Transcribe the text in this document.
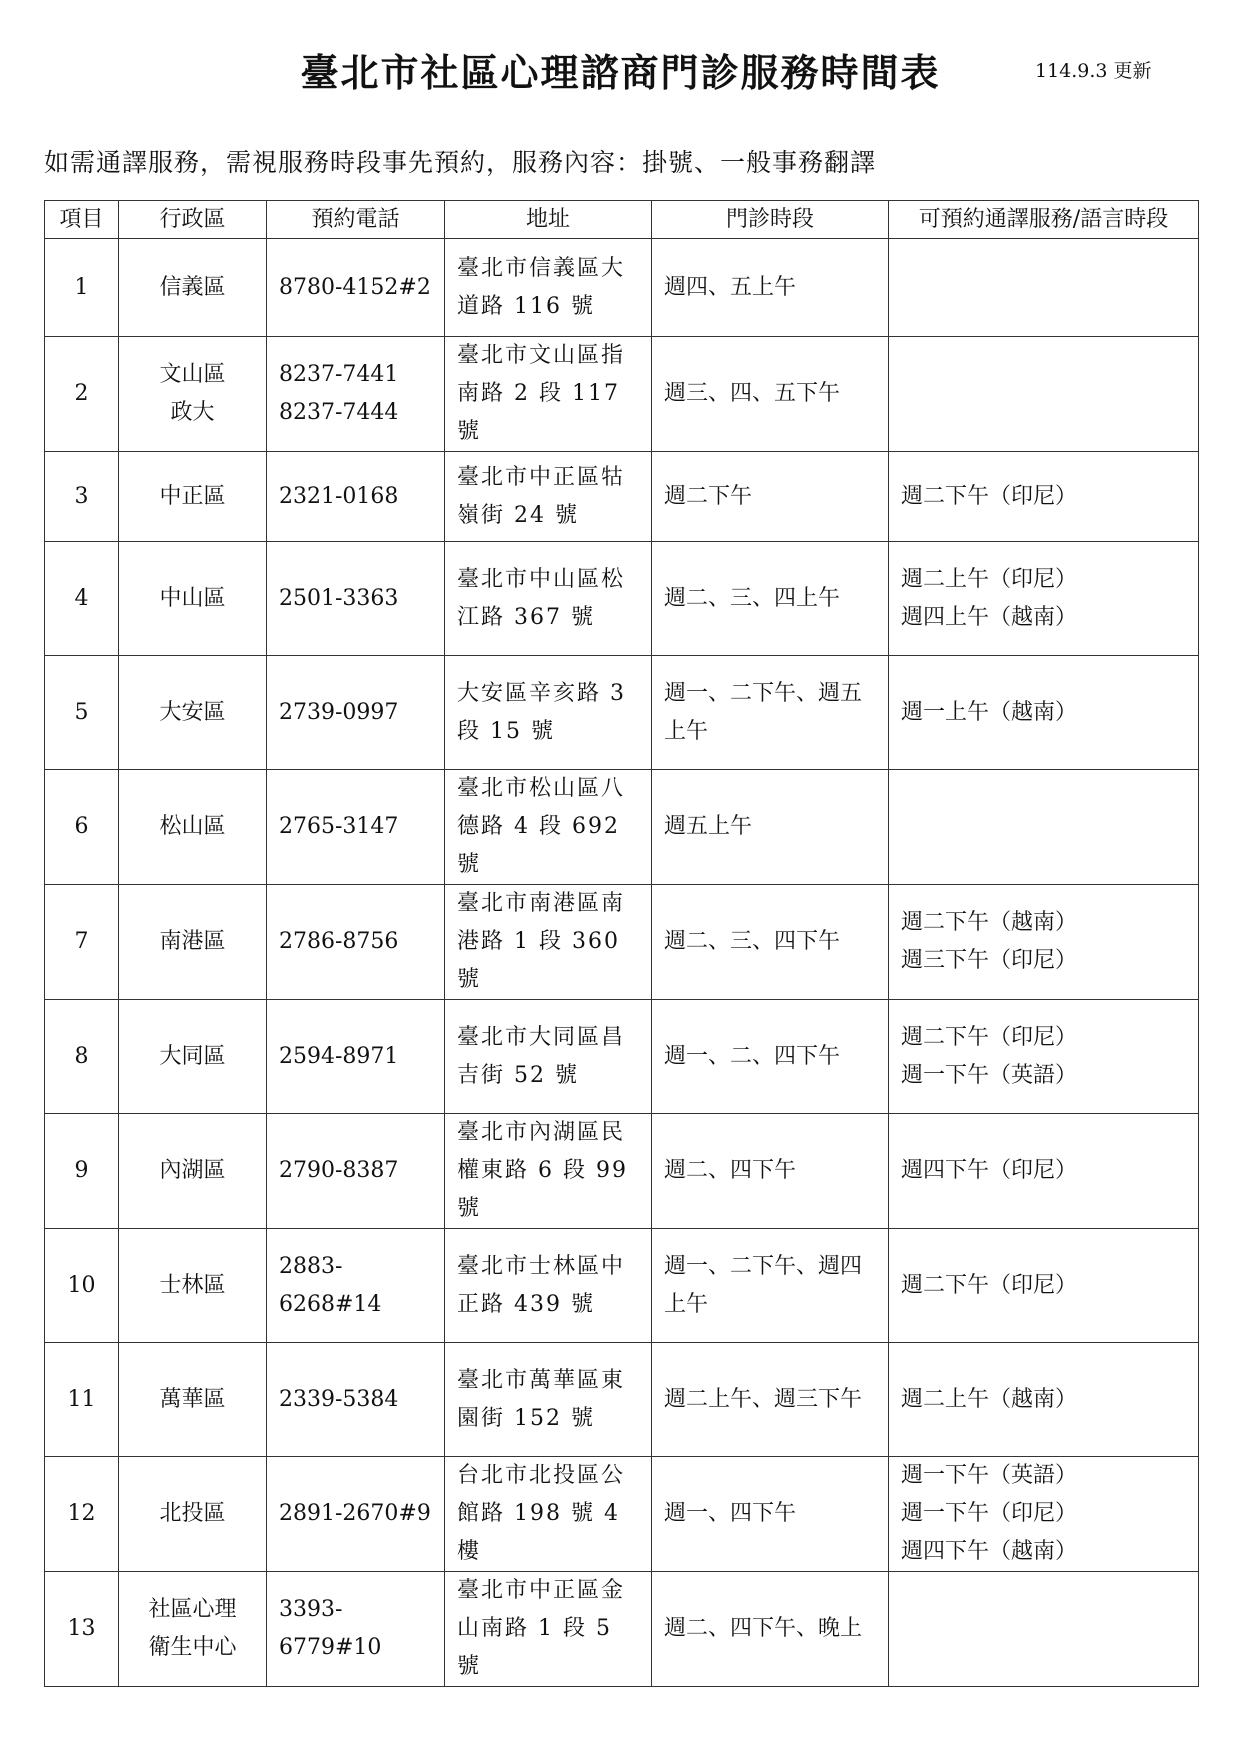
臺北市社區心理諮商門診服務時間表	114.9.3 更新
如需通譯服務，需視服務時段事先預約，服務內容：掛號、一般事務翻譯
項目	行政區	預約電話	地址	門診時段	可預約通譯服務/語言時段
1	信義區	8780-4152#2	臺北市信義區大
道路 116 號	週四、五上午	

2	文山區
政大	8237-7441
8237-7444	臺北市文山區指
南路 2 段 117 號	週三、四、五下午	

3	中正區	2321-0168	臺北市中正區牯
嶺街 24 號	週二下午	週二下午（印尼）

4	中山區	2501-3363	臺北市中山區松
江路 367 號	週二、三、四上午	週二上午（印尼）
週四上午（越南）

5	大安區	2739-0997	大安區辛亥路 3
段 15 號	週一、二下午、週五
上午	週一上午（越南）

6	松山區	2765-3147	臺北市松山區八
德路 4 段 692 號	週五上午	

7	南港區	2786-8756	臺北市南港區南
港路 1 段 360 號	週二、三、四下午	週二下午（越南）
週三下午（印尼）

8	大同區	2594-8971	臺北市大同區昌
吉街 52 號	週一、二、四下午	週二下午（印尼）
週一下午（英語）

9	內湖區	2790-8387	臺北市內湖區民
權東路 6 段 99 號	週二、四下午	週四下午（印尼）

10	士林區	2883-6268#14	臺北市士林區中
正路 439 號	週一、二下午、週四
上午	週二下午（印尼）

11	萬華區	2339-5384	臺北市萬華區東
園街 152 號	週二上午、週三下午	週二上午（越南）

12	北投區	2891-2670#9	台北市北投區公
館路 198 號 4 樓	週一、四下午	週一下午（英語）
週一下午（印尼）
週四下午（越南）

13	社區心理
衛生中心	3393-6779#10	臺北市中正區金
山南路 1 段 5 號	週二、四下午、晚上	
